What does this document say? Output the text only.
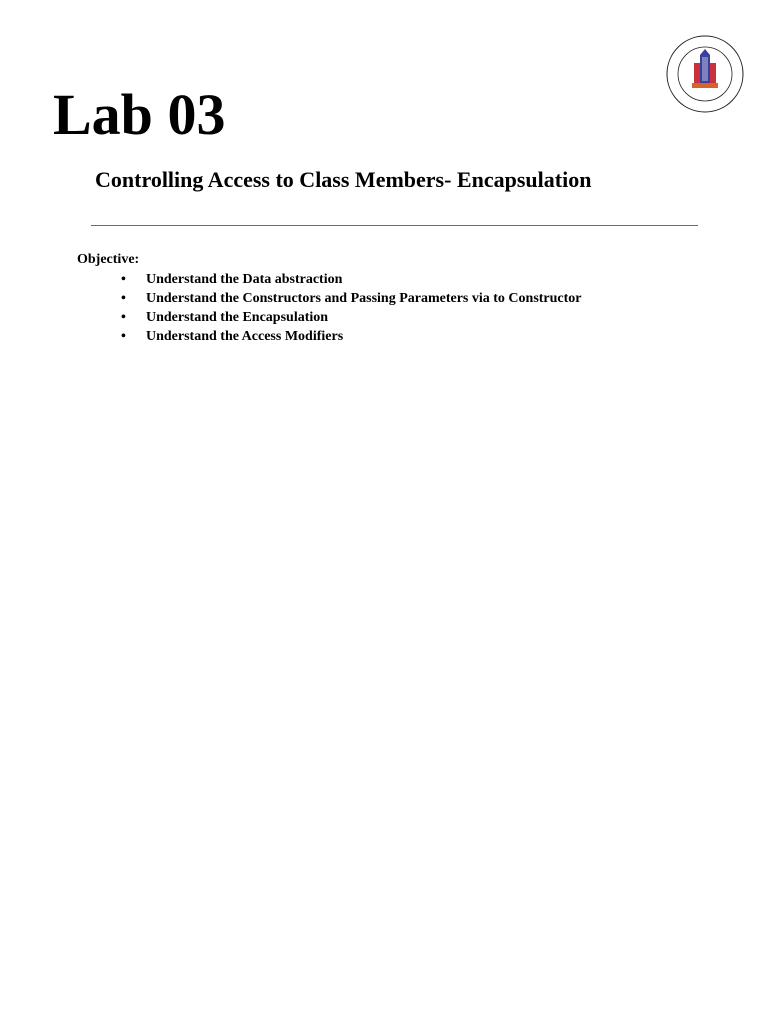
Lab 03
Controlling Access to Class Members- Encapsulation

Objective:

•	Understand the Data abstraction
•	Understand the Constructors and Passing Parameters via to Constructor
•	Understand the Encapsulation
•	Understand the Access Modifiers
